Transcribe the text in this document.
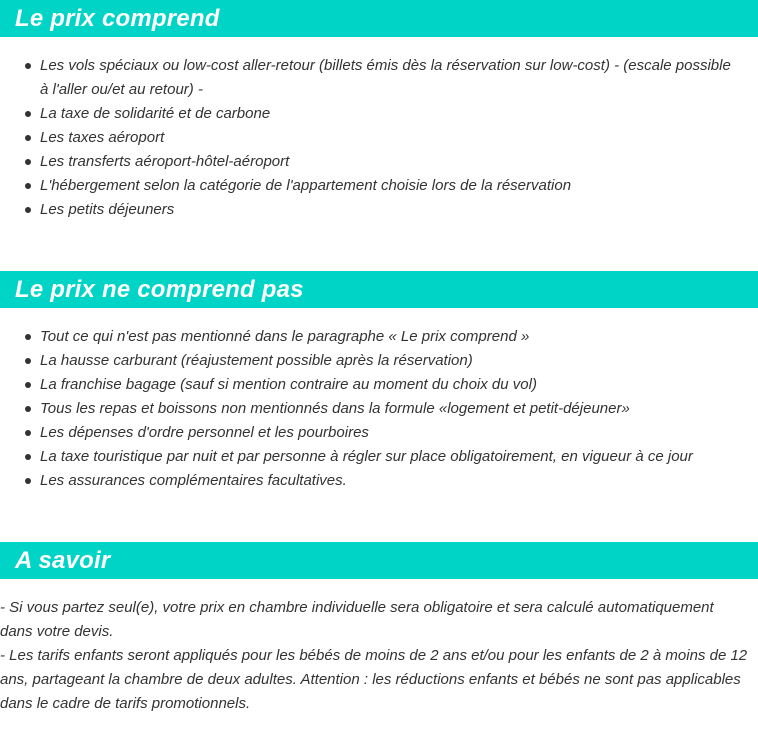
Le prix comprend
Les vols spéciaux ou low-cost aller-retour (billets émis dès la réservation sur low-cost) - (escale possible à l'aller ou/et au retour) -
La taxe de solidarité et de carbone
Les taxes aéroport
Les transferts aéroport-hôtel-aéroport
L'hébergement selon la catégorie de l'appartement choisie lors de la réservation
Les petits déjeuners
Le prix ne comprend pas
Tout ce qui n'est pas mentionné dans le paragraphe « Le prix comprend »
La hausse carburant (réajustement possible après la réservation)
La franchise bagage (sauf si mention contraire au moment du choix du vol)
Tous les repas et boissons non mentionnés dans la formule «logement et petit-déjeuner»
Les dépenses d'ordre personnel et les pourboires
La taxe touristique par nuit et par personne à régler sur place obligatoirement, en vigueur à ce jour
Les assurances complémentaires facultatives.
A savoir

- Si vous partez seul(e), votre prix en chambre individuelle sera obligatoire et sera calculé automatiquement dans votre devis.

- Les tarifs enfants seront appliqués pour les bébés de moins de 2 ans et/ou pour les enfants de 2 à moins de 12 ans, partageant la chambre de deux adultes. Attention : les réductions enfants et bébés ne sont pas applicables dans le cadre de tarifs promotionnels.
